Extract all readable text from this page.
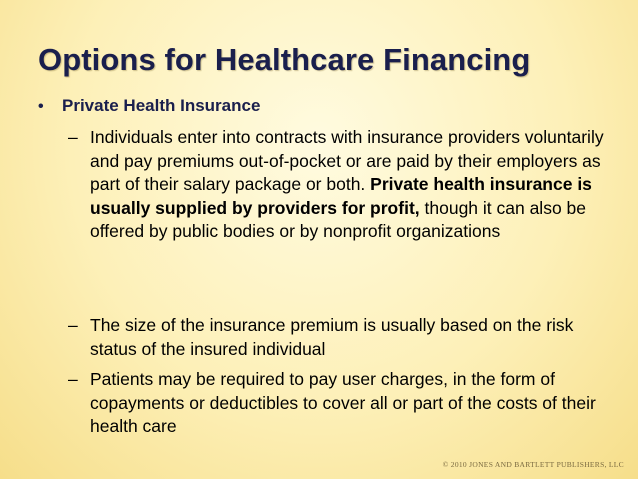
Options for Healthcare Financing
•	Private Health Insurance
– Individuals enter into contracts with insurance providers voluntarily and pay premiums out-of-pocket or are paid by their employers as part of their salary package or both. Private health insurance is usually supplied by providers for profit, though it can also be offered by public bodies or by nonprofit organizations
– The size of the insurance premium is usually based on the risk status of the insured individual
– Patients may be required to pay user charges, in the form of copayments or deductibles to cover all or part of the costs of their health care
© 2010 JONES AND BARTLETT PUBLISHERS, LLC
